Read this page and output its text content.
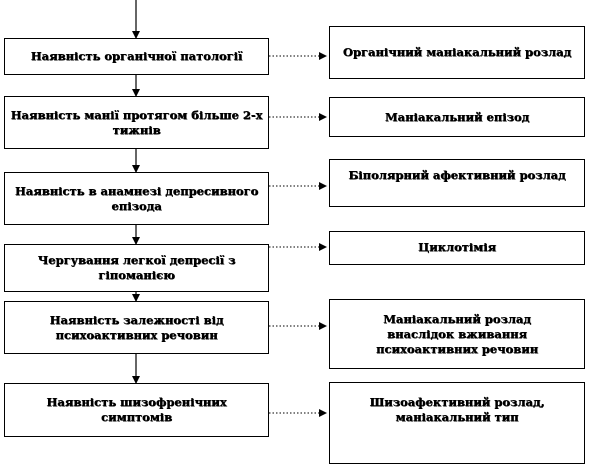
Наявність органічної патології
Наявність манії протягом більше 2-х тижнів
Наявність в анамнезі депресивного епізода
Чергування легкої депресії з гіпоманією
Наявність залежності від психоактивних речовин
Наявність шизофренічних симптомів
Органічний маніакальний розлад
Маніакальний епізод
Біполярний афективний розлад
Циклотімія
Маніакальний розлад внаслідок вживання психоактивних речовин
Шизоафективний розлад, маніакальний тип
